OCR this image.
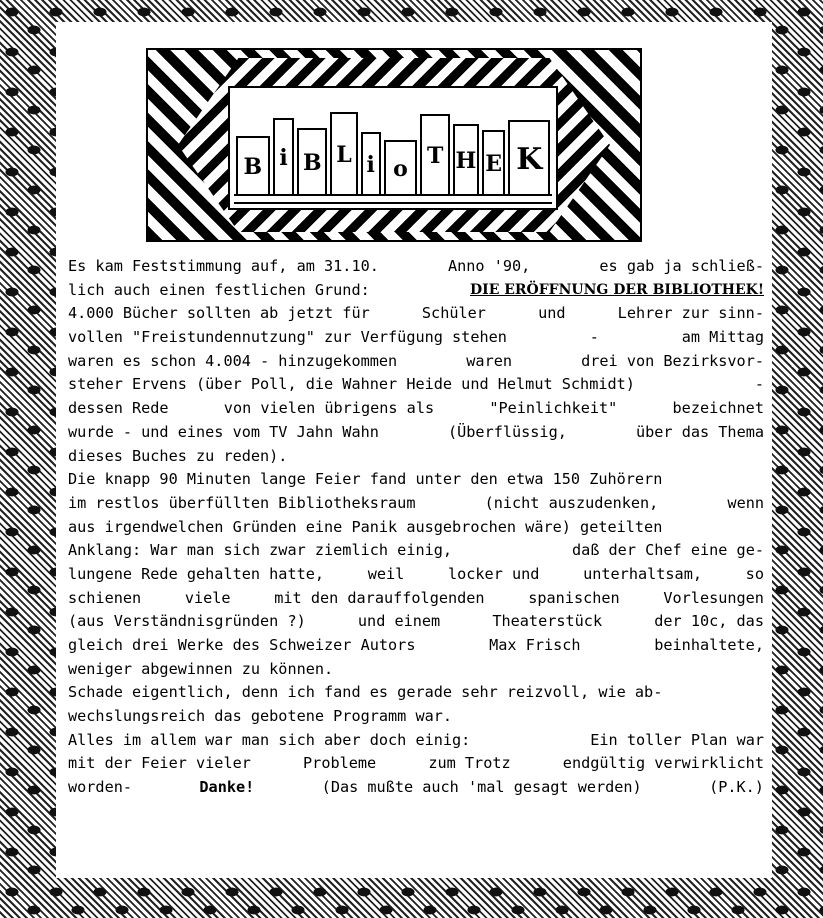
B i B L i o T H E K
Es kam Feststimmung auf, am 31.10.	Anno '90,	es gab ja schließ-
lich auch einen festlichen Grund:	DIE ERÖFFNUNG DER BIBLIOTHEK!
4.000 Bücher sollten ab jetzt für	Schüler	und	Lehrer zur sinn-
vollen "Freistundennutzung" zur Verfügung stehen	-	am Mittag
waren es schon 4.004 - hinzugekommen	waren	drei von Bezirksvor-
steher Ervens (über Poll, die Wahner Heide und Helmut Schmidt)	-
dessen Rede	von vielen übrigens als	"Peinlichkeit"	bezeichnet
wurde - und eines vom TV Jahn Wahn	(Überflüssig,	über das Thema
dieses Buches zu reden).
Die knapp 90 Minuten lange Feier fand unter den etwa 150 Zuhörern
im restlos überfüllten Bibliotheksraum	(nicht auszudenken,	wenn
aus irgendwelchen Gründen eine Panik ausgebrochen wäre) geteilten
Anklang: War man sich zwar ziemlich einig,	daß der Chef eine ge-
lungene Rede gehalten hatte,	weil	locker und	unterhaltsam,	so
schienen	viele	mit den darauffolgenden	spanischen	Vorlesungen
(aus Verständnisgründen ?)	und einem	Theaterstück	der 10c, das
gleich drei Werke des Schweizer Autors	Max Frisch	beinhaltete,
weniger abgewinnen zu können.
Schade eigentlich, denn ich fand es gerade sehr reizvoll, wie ab-
wechslungsreich das gebotene Programm war.
Alles im allem war man sich aber doch einig:	Ein toller Plan war
mit der Feier vieler	Probleme	zum Trotz	endgültig verwirklicht
worden-	Danke!	(Das mußte auch 'mal gesagt werden)	(P.K.)
